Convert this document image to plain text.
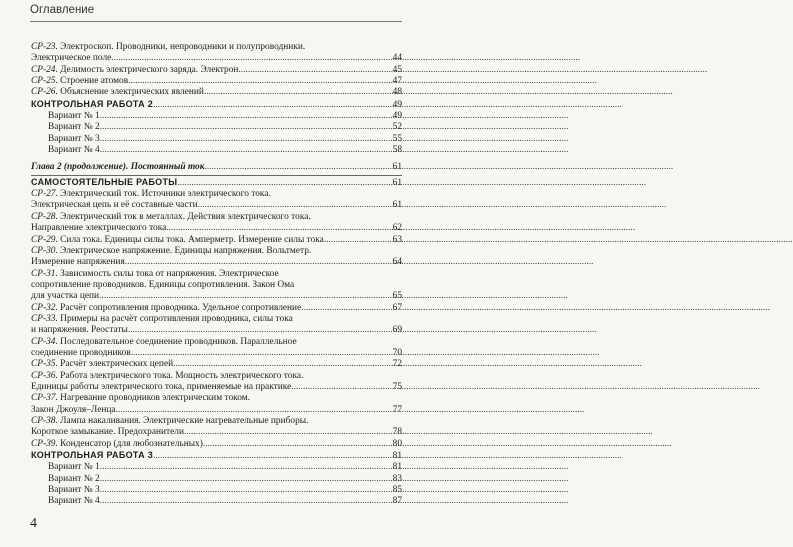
Оглавление
СР-23. Электроскоп. Проводники, непроводники и полупроводники.
Электрическое поле .....	44
СР-24. Делимость электрического заряда. Электрон .....	45
СР-25. Строение атомов .....	47
СР-26. Объяснение электрических явлений .....	48
КОНТРОЛЬНАЯ РАБОТА 2 .....	49
Вариант № 1 .....	49
Вариант № 2 .....	52
Вариант № 3 .....	55
Вариант № 4 .....	58
Глава 2 (продолжение). Постоянный ток .....	61
САМОСТОЯТЕЛЬНЫЕ РАБОТЫ .....	61
СР-27. Электрический ток. Источники электрического тока.
Электрическая цепь и её составные части .....	61
СР-28. Электрический ток в металлах. Действия электрического тока.
Направление электрического тока .....	62
СР-29. Сила тока. Единицы силы тока. Амперметр. Измерение силы тока .....	63
СР-30. Электрическое напряжение. Единицы напряжения. Вольтметр.
Измерение напряжения .....	64
СР-31. Зависимость силы тока от напряжения. Электрическое
сопротивление проводников. Единицы сопротивления. Закон Ома
для участка цепи .....	65
СР-32. Расчёт сопротивления проводника. Удельное сопротивление .....	67
СР-33. Примеры на расчёт сопротивления проводника, силы тока
и напряжения. Реостаты .....	69
СР-34. Последовательное соединение проводников. Параллельное
соединение проводников .....	70
СР-35. Расчёт электрических цепей .....	72
СР-36. Работа электрического тока. Мощность электрического тока.
Единицы работы электрического тока, применяемые на практике .....	75
СР-37. Нагревание проводников электрическим током.
Закон Джоуля–Ленца .....	77
СР-38. Лампа накаливания. Электрические нагревательные приборы.
Короткое замыкание. Предохранители .....	78
СР-39. Конденсатор (для любознательных) .....	80
КОНТРОЛЬНАЯ РАБОТА 3 .....	81
Вариант № 1 .....	81
Вариант № 2 .....	83
Вариант № 3 .....	85
Вариант № 4 .....	87
4
